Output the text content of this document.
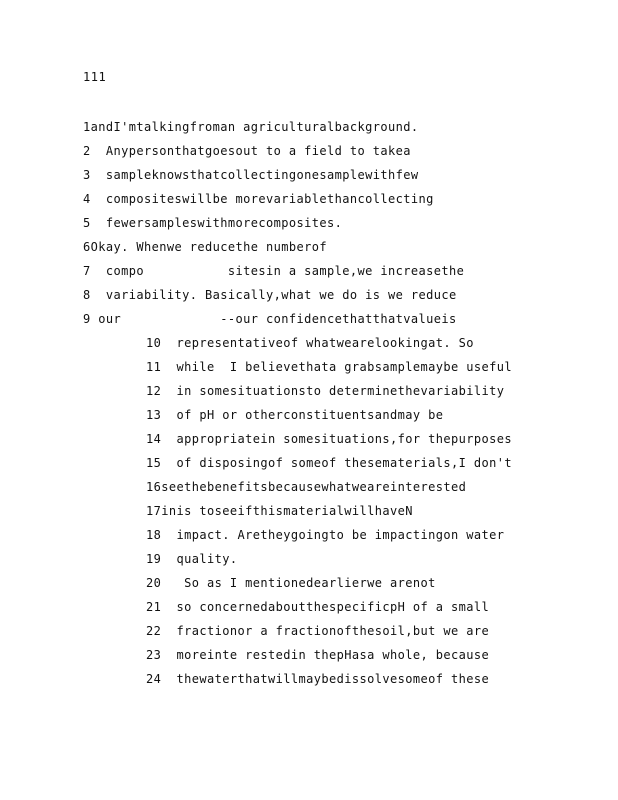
111
1andI'mtalkingfroman agriculturalbackground.
2  Anypersonthatgoesout to a field to takea
3  sampleknowsthatcollectingonesamplewithfew
4  compositeswillbe morevariablethancollecting
5  fewersampleswithmorecomposites.
6Okay. Whenwe reducethe numberof
7  compo           sitesin a sample,we increasethe
8  variability. Basically,what we do is we reduce
9 our             --our confidencethatthatvalueis
10  representativeof whatwearelookingat. So
11  while  I believethata grabsamplemaybe useful
12  in somesituationsto determinethevariability
13  of pH or otherconstituentsandmay be
14  appropriatein somesituations,for thepurposes
15  of disposingof someof thesematerials,I don't
16seethebenefitsbecausewhatweareinterested
17inis toseeifthismaterialwillhaveN
18  impact. Aretheygoingto be impactingon water
19  quality.
20   So as I mentionedearlierwe arenot
21  so concernedaboutthespecificpH of a small
22  fractionor a fractionofthesoil,but we are
23  moreinte restedin thepHasa whole, because
24  thewaterthatwillmaybedissolvesomeof these
